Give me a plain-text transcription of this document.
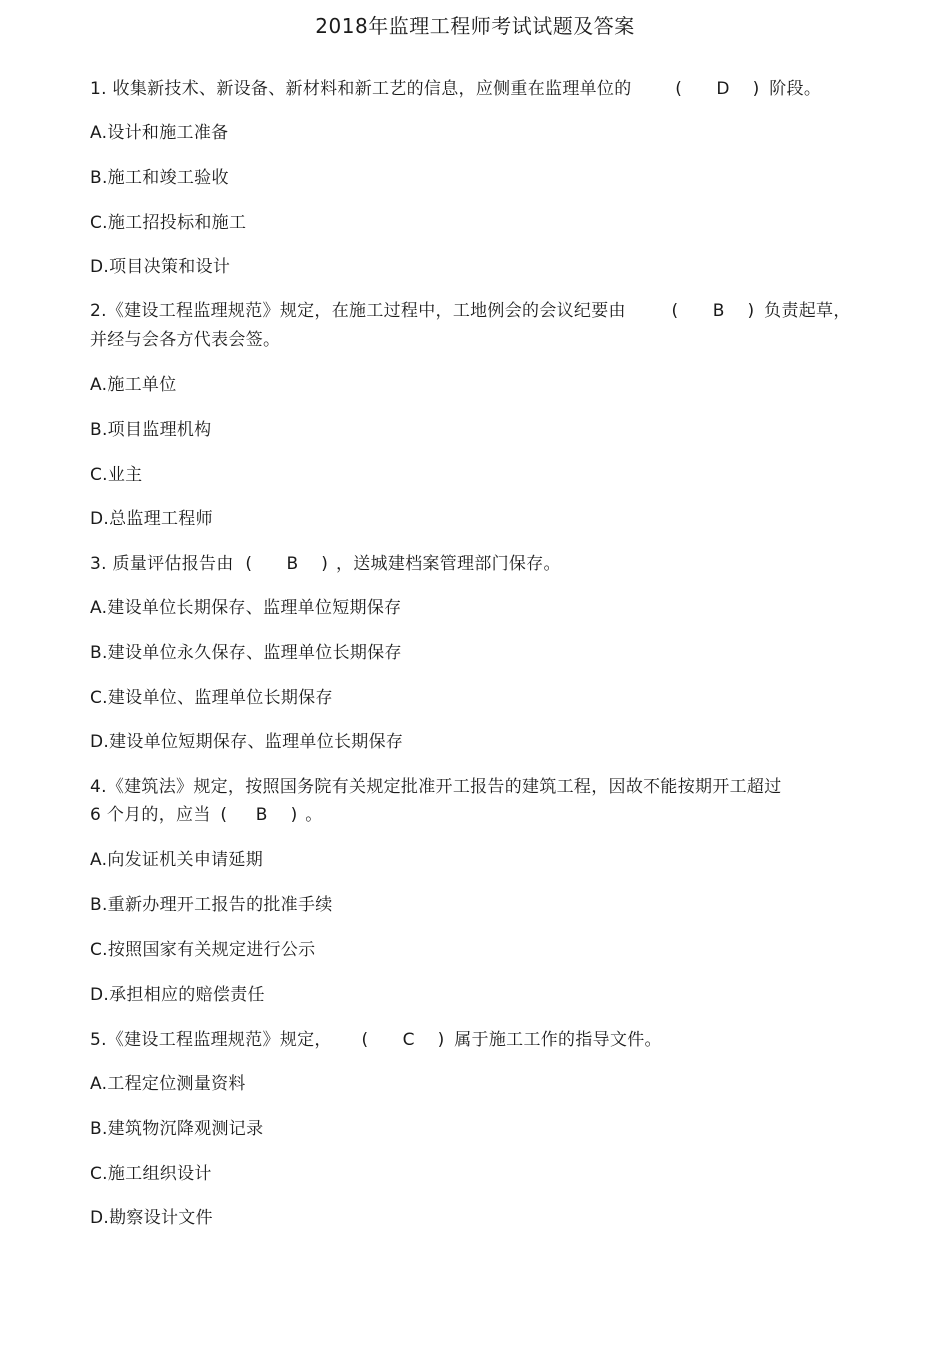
2018年监理工程师考试试题及答案
1. 收集新技术、新设备、新材料和新工艺的信息，应侧重在监理单位的	(      D    ) 阶段。
A.设计和施工准备
B.施工和竣工验收
C.施工招投标和施工
D.项目决策和设计
2.《建设工程监理规范》规定，在施工过程中，工地例会的会议纪要由	(      B    ) 负责起草，
并经与会各方代表会签。
A.施工单位
B.项目监理机构
C.业主
D.总监理工程师
3. 质量评估报告由 (      B    ) ，送城建档案管理部门保存。
A.建设单位长期保存、监理单位短期保存
B.建设单位永久保存、监理单位长期保存
C.建设单位、监理单位长期保存
D.建设单位短期保存、监理单位长期保存
4.《建筑法》规定，按照国务院有关规定批准开工报告的建筑工程，因故不能按期开工超过
6 个月的，应当 (     B    ) 。
A.向发证机关申请延期
B.重新办理开工报告的批准手续
C.按照国家有关规定进行公示
D.承担相应的赔偿责任
5.《建设工程监理规范》规定， (      C    ) 属于施工工作的指导文件。
A.工程定位测量资料
B.建筑物沉降观测记录
C.施工组织设计
D.勘察设计文件
